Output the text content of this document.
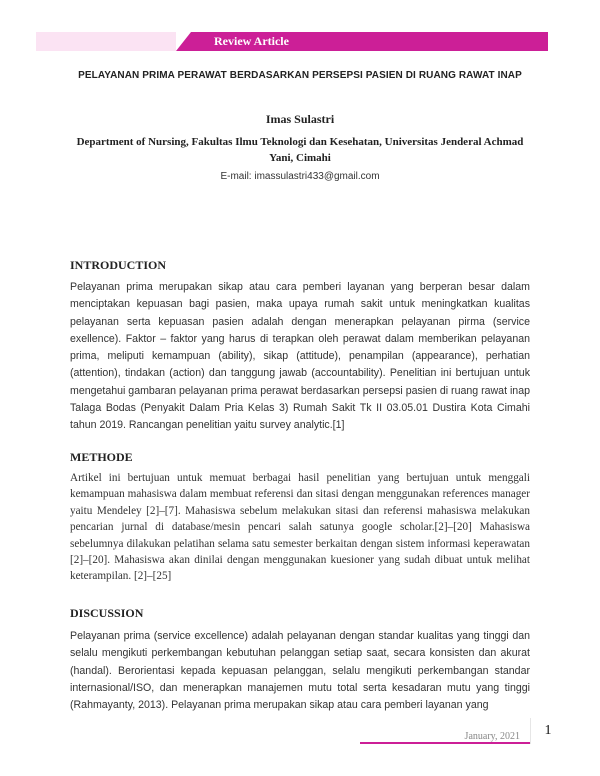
Review Article
PELAYANAN PRIMA PERAWAT BERDASARKAN PERSEPSI PASIEN DI RUANG RAWAT INAP
Imas Sulastri
Department of Nursing, Fakultas Ilmu Teknologi dan Kesehatan, Universitas Jenderal Achmad Yani, Cimahi
E-mail: imassulastri433@gmail.com
INTRODUCTION

Pelayanan prima merupakan sikap atau cara pemberi layanan yang berperan besar dalam menciptakan kepuasan bagi pasien, maka upaya rumah sakit untuk meningkatkan kualitas pelayanan serta kepuasan pasien adalah dengan menerapkan pelayanan pirma (service exellence). Faktor – faktor yang harus di terapkan oleh perawat dalam memberikan pelayanan prima, meliputi kemampuan (ability), sikap (attitude), penampilan (appearance), perhatian (attention), tindakan (action) dan tanggung jawab (accountability). Penelitian ini bertujuan untuk mengetahui gambaran pelayanan prima perawat berdasarkan persepsi pasien di ruang rawat inap Talaga Bodas (Penyakit Dalam Pria Kelas 3) Rumah Sakit Tk II 03.05.01 Dustira Kota Cimahi tahun 2019. Rancangan penelitian yaitu survey analytic.[1]

METHODE

Artikel ini bertujuan untuk memuat berbagai hasil penelitian yang bertujuan untuk menggali kemampuan mahasiswa dalam membuat referensi dan sitasi dengan menggunakan references manager yaitu Mendeley [2]–[7]. Mahasiswa sebelum melakukan sitasi dan referensi mahasiswa melakukan pencarian jurnal di database/mesin pencari salah satunya google scholar.[2]–[20] Mahasiswa sebelumnya dilakukan pelatihan selama satu semester berkaitan dengan sistem informasi keperawatan [2]–[20]. Mahasiswa akan dinilai dengan menggunakan kuesioner yang sudah dibuat untuk melihat keterampilan. [2]–[25]

DISCUSSION

Pelayanan prima (service excellence) adalah pelayanan dengan standar kualitas yang tinggi dan selalu mengikuti perkembangan kebutuhan pelanggan setiap saat, secara konsisten dan akurat (handal). Berorientasi kepada kepuasan pelanggan, selalu mengikuti perkembangan standar internasional/ISO, dan menerapkan manajemen mutu total serta kesadaran mutu yang tinggi (Rahmayanty, 2013). Pelayanan prima merupakan sikap atau cara pemberi layanan yang

January, 2021	1
